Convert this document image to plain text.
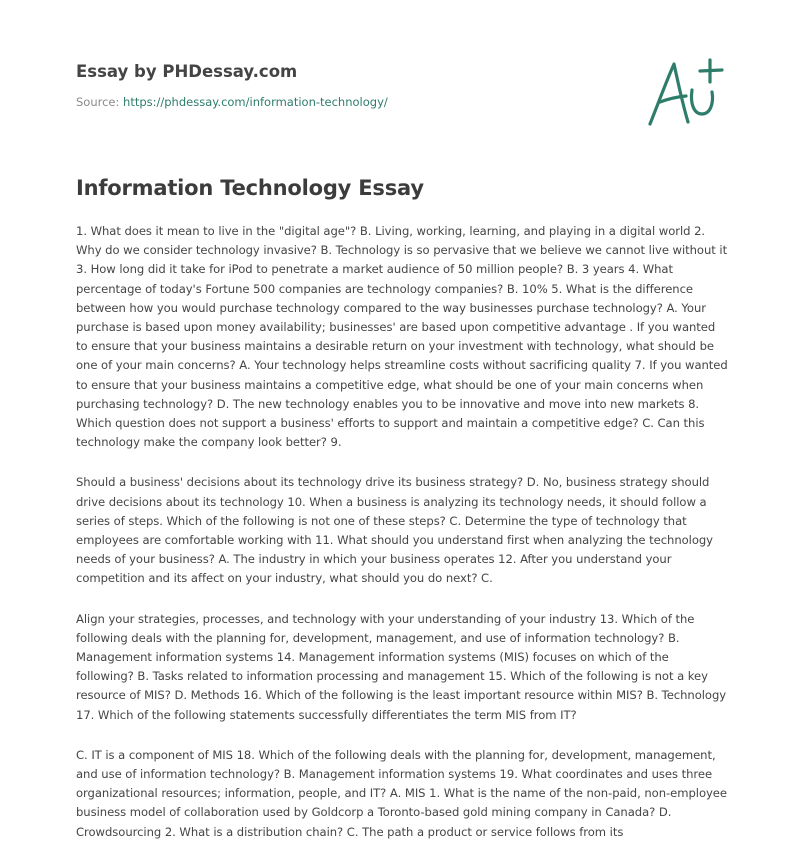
Essay by PHDessay.com
Source: https://phdessay.com/information-technology/
Information Technology Essay

1. What does it mean to live in the "digital age"? B. Living, working, learning, and playing in a digital world 2. Why do we consider technology invasive? B. Technology is so pervasive that we believe we cannot live without it 3. How long did it take for iPod to penetrate a market audience of 50 million people? B. 3 years 4. What percentage of today's Fortune 500 companies are technology companies? B. 10% 5. What is the difference between how you would purchase technology compared to the way businesses purchase technology? A. Your purchase is based upon money availability; businesses' are based upon competitive advantage . If you wanted to ensure that your business maintains a desirable return on your investment with technology, what should be one of your main concerns? A. Your technology helps streamline costs without sacrificing quality 7. If you wanted to ensure that your business maintains a competitive edge, what should be one of your main concerns when purchasing technology? D. The new technology enables you to be innovative and move into new markets 8. Which question does not support a business' efforts to support and maintain a competitive edge? C. Can this technology make the company look better? 9.

Should a business' decisions about its technology drive its business strategy? D. No, business strategy should drive decisions about its technology 10. When a business is analyzing its technology needs, it should follow a series of steps. Which of the following is not one of these steps? C. Determine the type of technology that employees are comfortable working with 11. What should you understand first when analyzing the technology needs of your business? A. The industry in which your business operates 12. After you understand your competition and its affect on your industry, what should you do next? C.

Align your strategies, processes, and technology with your understanding of your industry 13. Which of the following deals with the planning for, development, management, and use of information technology? B. Management information systems 14. Management information systems (MIS) focuses on which of the following? B. Tasks related to information processing and management 15. Which of the following is not a key resource of MIS? D. Methods 16. Which of the following is the least important resource within MIS? B. Technology 17. Which of the following statements successfully differentiates the term MIS from IT?

C. IT is a component of MIS 18. Which of the following deals with the planning for, development, management, and use of information technology? B. Management information systems 19. What coordinates and uses three organizational resources; information, people, and IT? A. MIS 1. What is the name of the non-paid, non-employee business model of collaboration used by Goldcorp a Toronto-based gold mining company in Canada? D. Crowdsourcing 2. What is a distribution chain? C. The path a product or service follows from its
